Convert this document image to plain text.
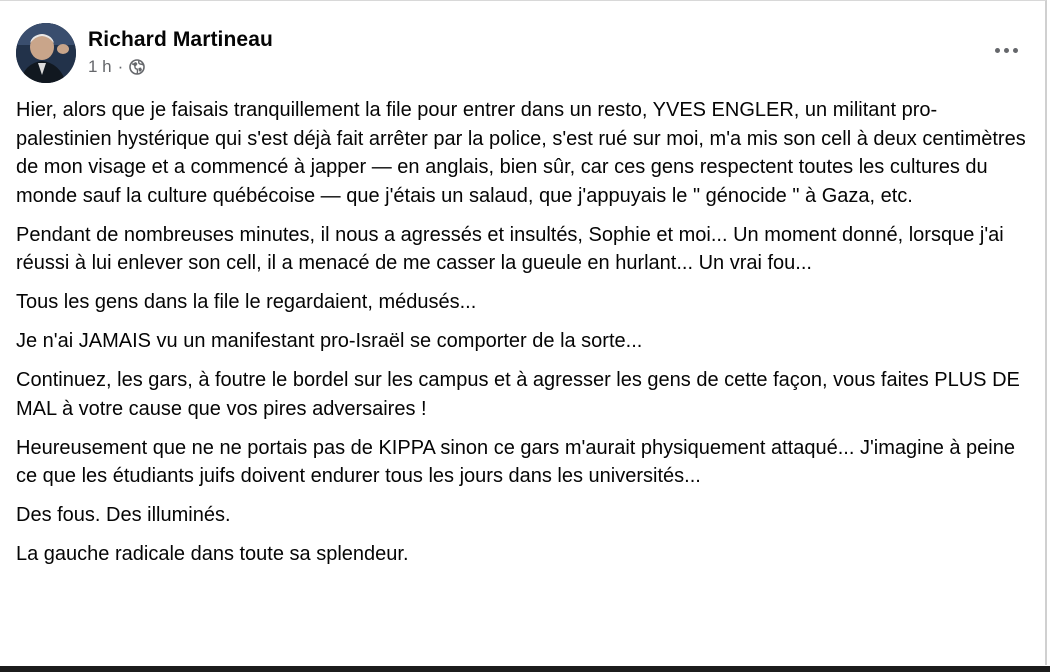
Richard Martineau
1 h ·

Hier, alors que je faisais tranquillement la file pour entrer dans un resto, YVES ENGLER, un militant pro-palestinien hystérique qui s'est déjà fait arrêter par la police, s'est rué sur moi, m'a mis son cell à deux centimètres de mon visage et a commencé à japper — en anglais, bien sûr, car ces gens respectent toutes les cultures du monde sauf la culture québécoise — que j'étais un salaud, que j'appuyais le " génocide " à Gaza, etc.

Pendant de nombreuses minutes, il nous a agressés et insultés, Sophie et moi... Un moment donné, lorsque j'ai réussi à lui enlever son cell, il a menacé de me casser la gueule en hurlant... Un vrai fou...

Tous les gens dans la file le regardaient, médusés...

Je n'ai JAMAIS vu un manifestant pro-Israël se comporter de la sorte...

Continuez, les gars, à foutre le bordel sur les campus et à agresser les gens de cette façon, vous faites PLUS DE MAL à votre cause que vos pires adversaires !

Heureusement que ne ne portais pas de KIPPA sinon ce gars m'aurait physiquement attaqué... J'imagine à peine ce que les étudiants juifs doivent endurer tous les jours dans les universités...

Des fous. Des illuminés.

La gauche radicale dans toute sa splendeur.
